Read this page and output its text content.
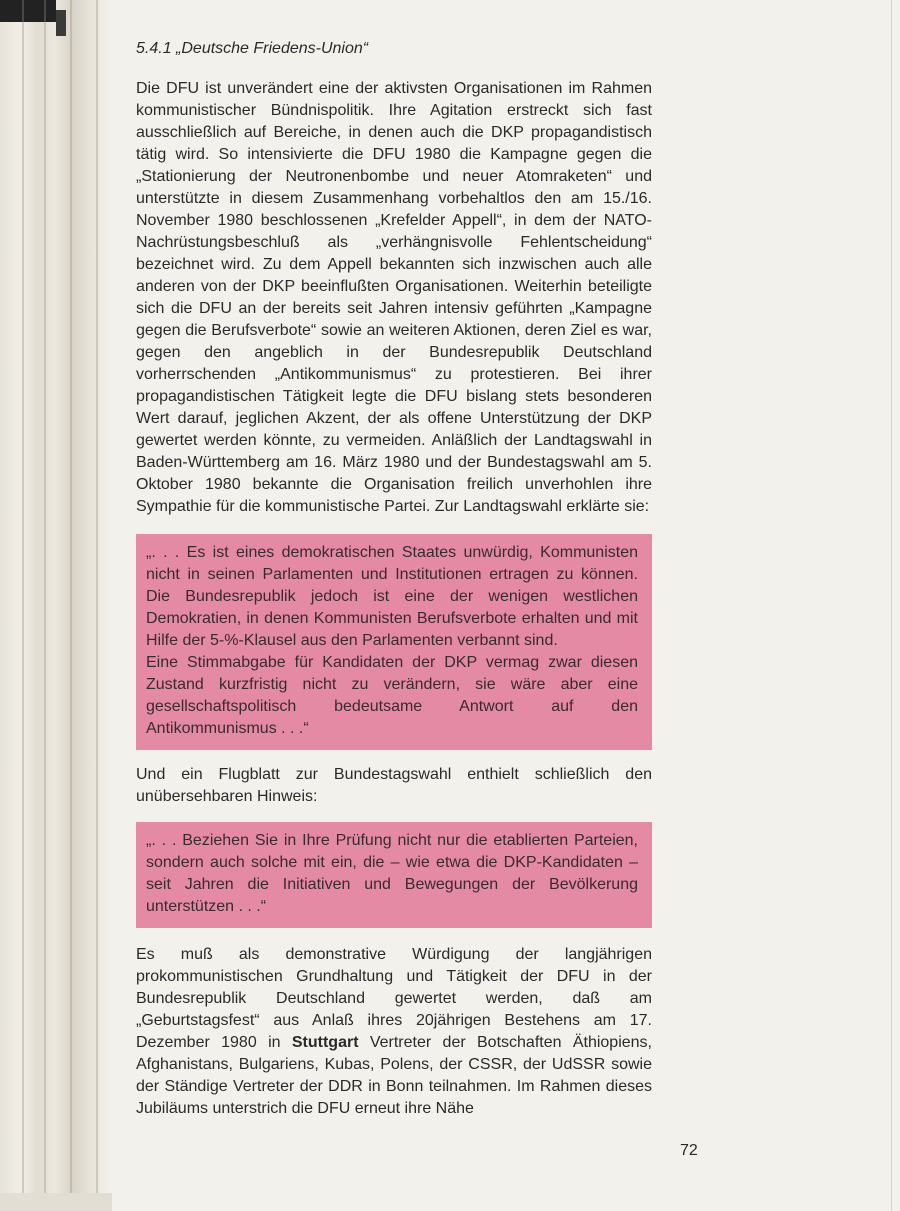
5.4.1 „Deutsche Friedens-Union“

Die DFU ist unverändert eine der aktivsten Organisationen im Rahmen kommunistischer Bündnispolitik. Ihre Agitation erstreckt sich fast ausschließlich auf Bereiche, in denen auch die DKP propagandistisch tätig wird. So intensivierte die DFU 1980 die Kampagne gegen die „Stationierung der Neutronenbombe und neuer Atomraketen“ und unterstützte in diesem Zusammenhang vorbehaltlos den am 15./16. November 1980 beschlossenen „Krefelder Appell“, in dem der NATO-Nachrüstungsbeschluß als „verhängnisvolle Fehlentscheidung“ bezeichnet wird. Zu dem Appell bekannten sich inzwischen auch alle anderen von der DKP beeinflußten Organisationen. Weiterhin beteiligte sich die DFU an der bereits seit Jahren intensiv geführten „Kampagne gegen die Berufsverbote“ sowie an weiteren Aktionen, deren Ziel es war, gegen den angeblich in der Bundesrepublik Deutschland vorherrschenden „Antikommunismus“ zu protestieren. Bei ihrer propagandistischen Tätigkeit legte die DFU bislang stets besonderen Wert darauf, jeglichen Akzent, der als offene Unterstützung der DKP gewertet werden könnte, zu vermeiden. Anläßlich der Landtagswahl in Baden-Württemberg am 16. März 1980 und der Bundestagswahl am 5. Oktober 1980 bekannte die Organisation freilich unverhohlen ihre Sympathie für die kommunistische Partei. Zur Landtagswahl erklärte sie:

„. . . Es ist eines demokratischen Staates unwürdig, Kommunisten nicht in seinen Parlamenten und Institutionen ertragen zu können. Die Bundesrepublik jedoch ist eine der wenigen westlichen Demokratien, in denen Kommunisten Berufsverbote erhalten und mit Hilfe der 5-%-Klausel aus den Parlamenten verbannt sind.

Eine Stimmabgabe für Kandidaten der DKP vermag zwar diesen Zustand kurzfristig nicht zu verändern, sie wäre aber eine gesellschaftspolitisch bedeutsame Antwort auf den Antikommunismus . . .“

Und ein Flugblatt zur Bundestagswahl enthielt schließlich den unübersehbaren Hinweis:

„. . . Beziehen Sie in Ihre Prüfung nicht nur die etablierten Parteien, sondern auch solche mit ein, die – wie etwa die DKP-Kandidaten – seit Jahren die Initiativen und Bewegungen der Bevölkerung unterstützen . . .“

Es muß als demonstrative Würdigung der langjährigen prokommunistischen Grundhaltung und Tätigkeit der DFU in der Bundesrepublik Deutschland gewertet werden, daß am „Geburtstagsfest“ aus Anlaß ihres 20jährigen Bestehens am 17. Dezember 1980 in Stuttgart Vertreter der Botschaften Äthiopiens, Afghanistans, Bulgariens, Kubas, Polens, der CSSR, der UdSSR sowie der Ständige Vertreter der DDR in Bonn teilnahmen. Im Rahmen dieses Jubiläums unterstrich die DFU erneut ihre Nähe

72
